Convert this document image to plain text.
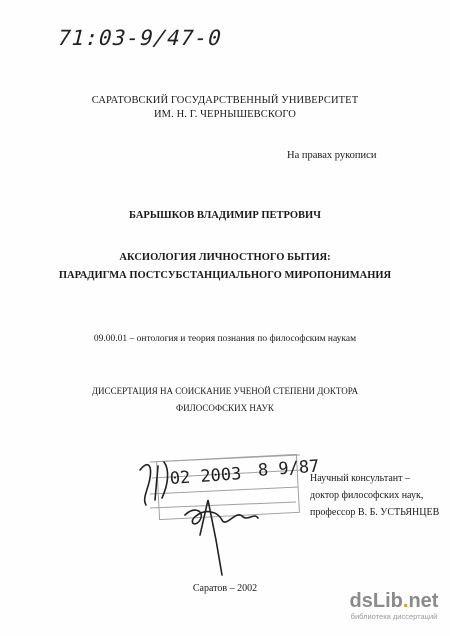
71:03-9/47-0
САРАТОВСКИЙ ГОСУДАРСТВЕННЫЙ УНИВЕРСИТЕТ
ИМ. Н. Г. ЧЕРНЫШЕВСКОГО
На правах рукописи
БАРЫШКОВ ВЛАДИМИР ПЕТРОВИЧ
АКСИОЛОГИЯ ЛИЧНОСТНОГО БЫТИЯ:
ПАРАДИГМА ПОСТСУБСТАНЦИАЛЬНОГО МИРОПОНИМАНИЯ
09.00.01 – онтология и теория познания по философским наукам
ДИССЕРТАЦИЯ НА СОИСКАНИЕ УЧЕНОЙ СТЕПЕНИ ДОКТОРА
ФИЛОСОФСКИХ НАУК
02 2003 8 9/87
Научный консультант –
доктор философских наук,
профессор В. Б. УСТЬЯНЦЕВ
Саратов – 2002
dsLib.net
библиотека диссертаций
